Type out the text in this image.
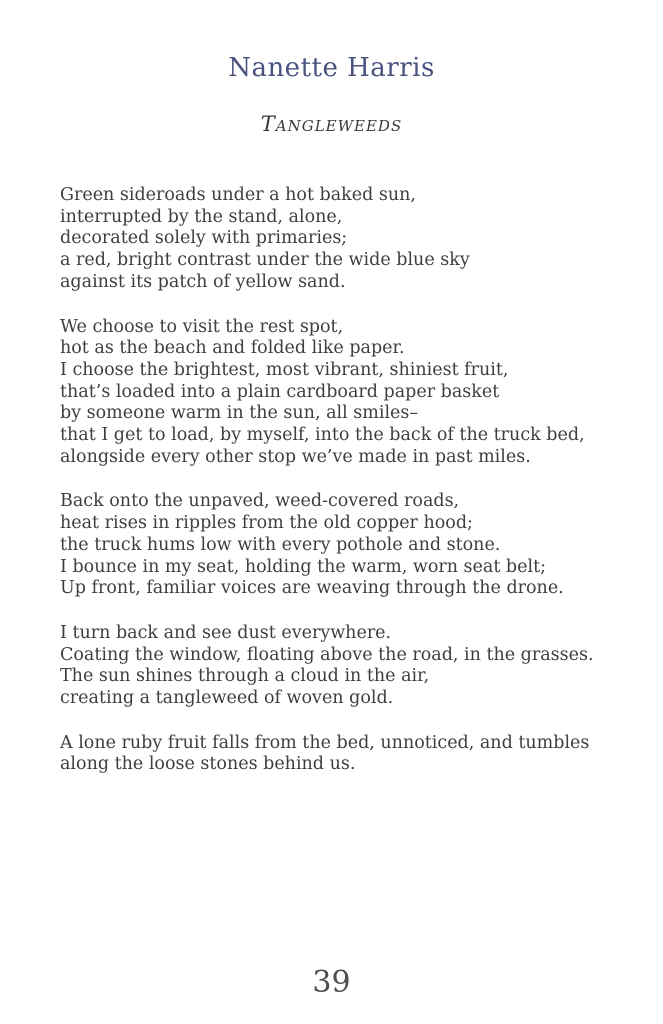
Nanette Harris
Tangleweeds
Green sideroads under a hot baked sun,
interrupted by the stand, alone,
decorated solely with primaries;
a red, bright contrast under the wide blue sky
against its patch of yellow sand.
We choose to visit the rest spot,
hot as the beach and folded like paper.
I choose the brightest, most vibrant, shiniest fruit,
that’s loaded into a plain cardboard paper basket
by someone warm in the sun, all smiles–
that I get to load, by myself, into the back of the truck bed,
alongside every other stop we’ve made in past miles.
Back onto the unpaved, weed-covered roads,
heat rises in ripples from the old copper hood;
the truck hums low with every pothole and stone.
I bounce in my seat, holding the warm, worn seat belt;
Up front, familiar voices are weaving through the drone.
I turn back and see dust everywhere.
Coating the window, floating above the road, in the grasses.
The sun shines through a cloud in the air,
creating a tangleweed of woven gold.
A lone ruby fruit falls from the bed, unnoticed, and tumbles
along the loose stones behind us.
39
